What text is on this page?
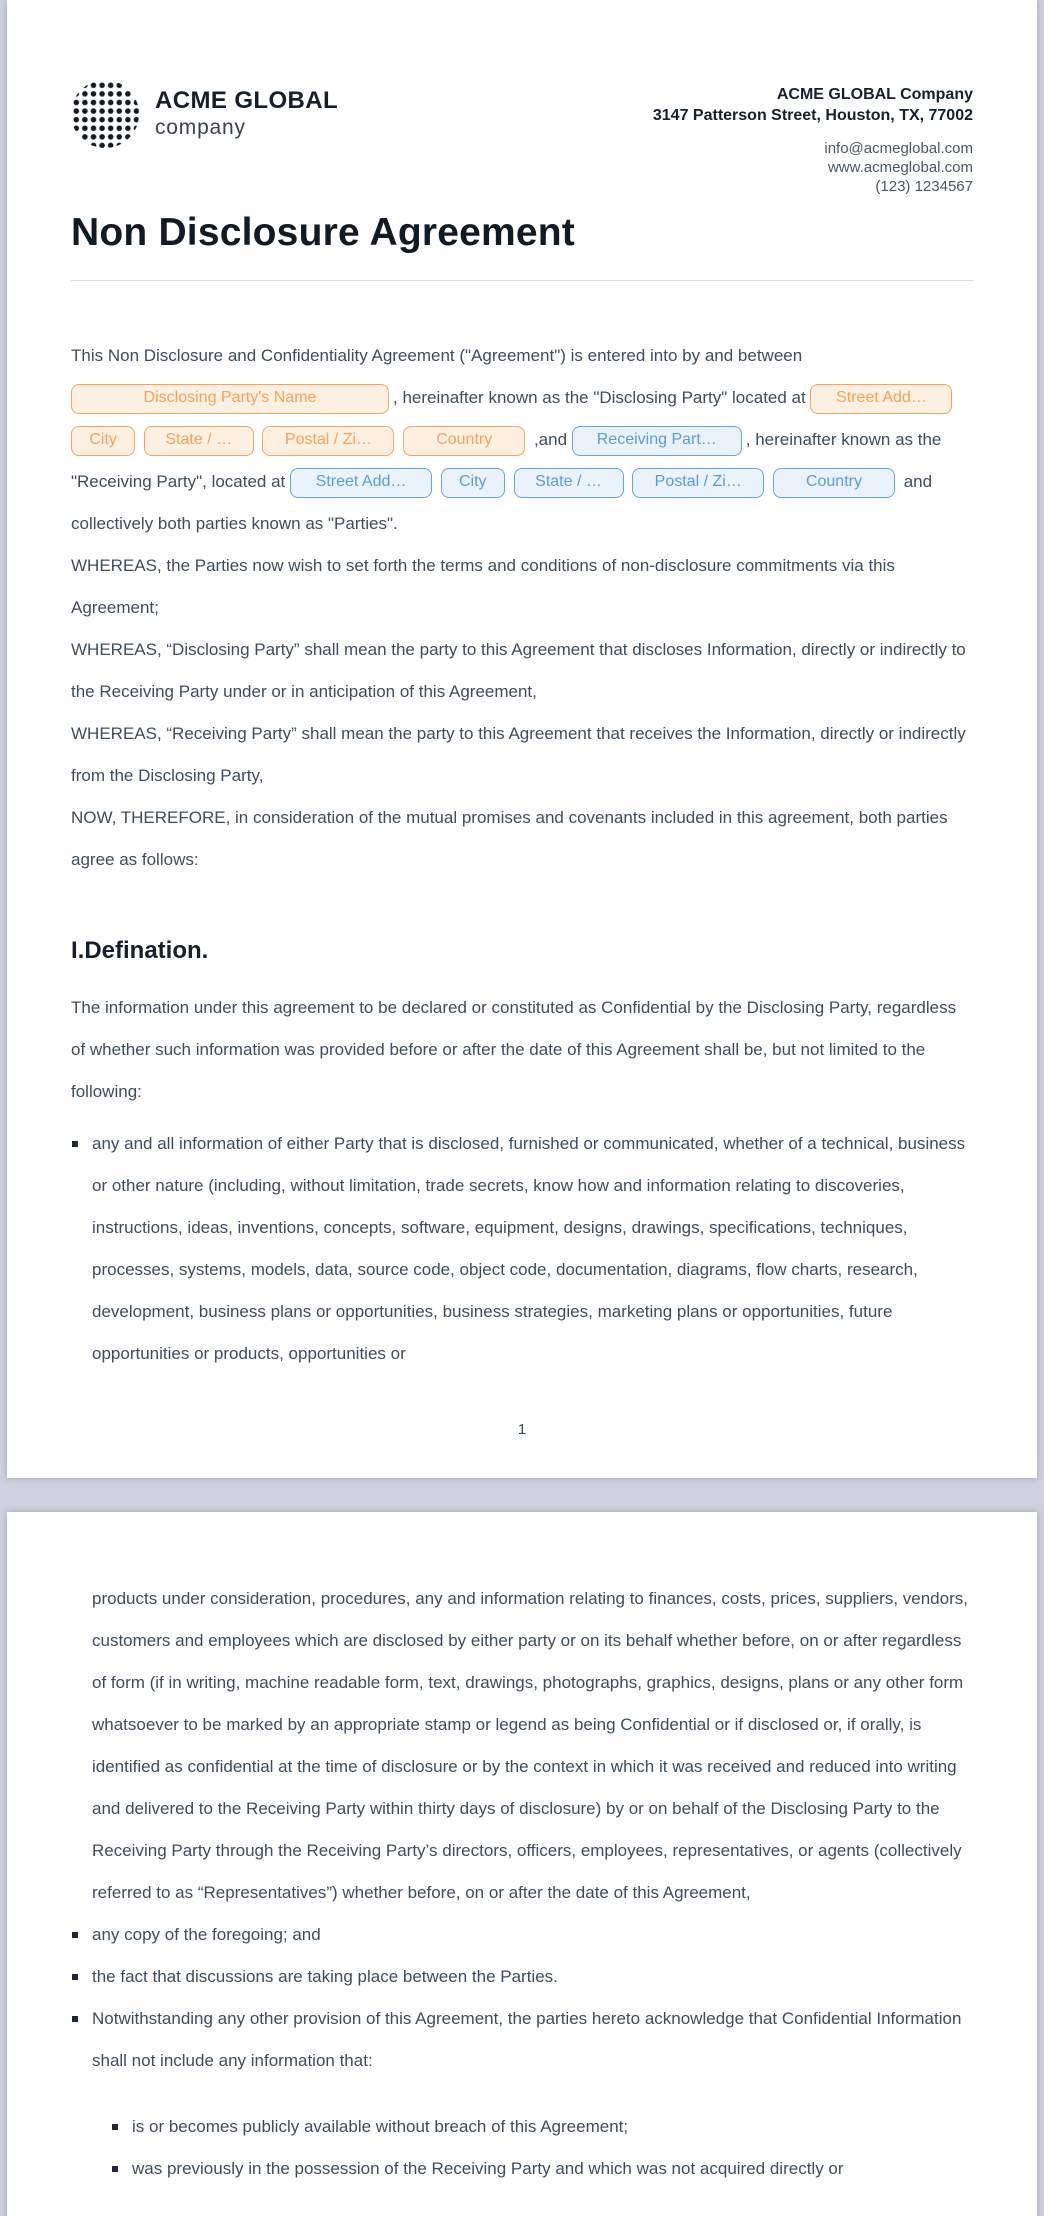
ACME GLOBAL
company
ACME GLOBAL Company
3147 Patterson Street, Houston, TX, 77002
info@acmeglobal.com
www.acmeglobal.com
(123) 1234567
Non Disclosure Agreement

This Non Disclosure and Confidentiality Agreement ("Agreement") is entered into by and between Disclosing Party's Name	, hereinafter known as the "Disclosing Party" located at Street Add… City	State / …	Postal / Zi…	Country ,and Receiving Part… , hereinafter known as the "Receiving Party", located at Street Add…	City	State / …	Postal / Zi…	Country and collectively both parties known as "Parties".

WHEREAS, the Parties now wish to set forth the terms and conditions of non-disclosure commitments via this Agreement;

WHEREAS, “Disclosing Party” shall mean the party to this Agreement that discloses Information, directly or indirectly to the Receiving Party under or in anticipation of this Agreement,

WHEREAS, “Receiving Party” shall mean the party to this Agreement that receives the Information, directly or indirectly from the Disclosing Party,

NOW, THEREFORE, in consideration of the mutual promises and covenants included in this agreement, both parties agree as follows:

I.Defination.

The information under this agreement to be declared or constituted as Confidential by the Disclosing Party, regardless of whether such information was provided before or after the date of this Agreement shall be, but not limited to the following:

any and all information of either Party that is disclosed, furnished or communicated, whether of a technical, business or other nature (including, without limitation, trade secrets, know how and information relating to discoveries, instructions, ideas, inventions, concepts, software, equipment, designs, drawings, specifications, techniques, processes, systems, models, data, source code, object code, documentation, diagrams, flow charts, research, development, business plans or opportunities, business strategies, marketing plans or opportunities, future opportunities or products, opportunities or
1
products under consideration, procedures, any and information relating to finances, costs, prices, suppliers, vendors, customers and employees which are disclosed by either party or on its behalf whether before, on or after regardless of form (if in writing, machine readable form, text, drawings, photographs, graphics, designs, plans or any other form whatsoever to be marked by an appropriate stamp or legend as being Confidential or if disclosed or, if orally, is identified as confidential at the time of disclosure or by the context in which it was received and reduced into writing and delivered to the Receiving Party within thirty days of disclosure) by or on behalf of the Disclosing Party to the Receiving Party through the Receiving Party’s directors, officers, employees, representatives, or agents (collectively referred to as “Representatives”) whether before, on or after the date of this Agreement,
any copy of the foregoing; and
the fact that discussions are taking place between the Parties.
Notwithstanding any other provision of this Agreement, the parties hereto acknowledge that Confidential Information shall not include any information that:
is or becomes publicly available without breach of this Agreement;
was previously in the possession of the Receiving Party and which was not acquired directly or
